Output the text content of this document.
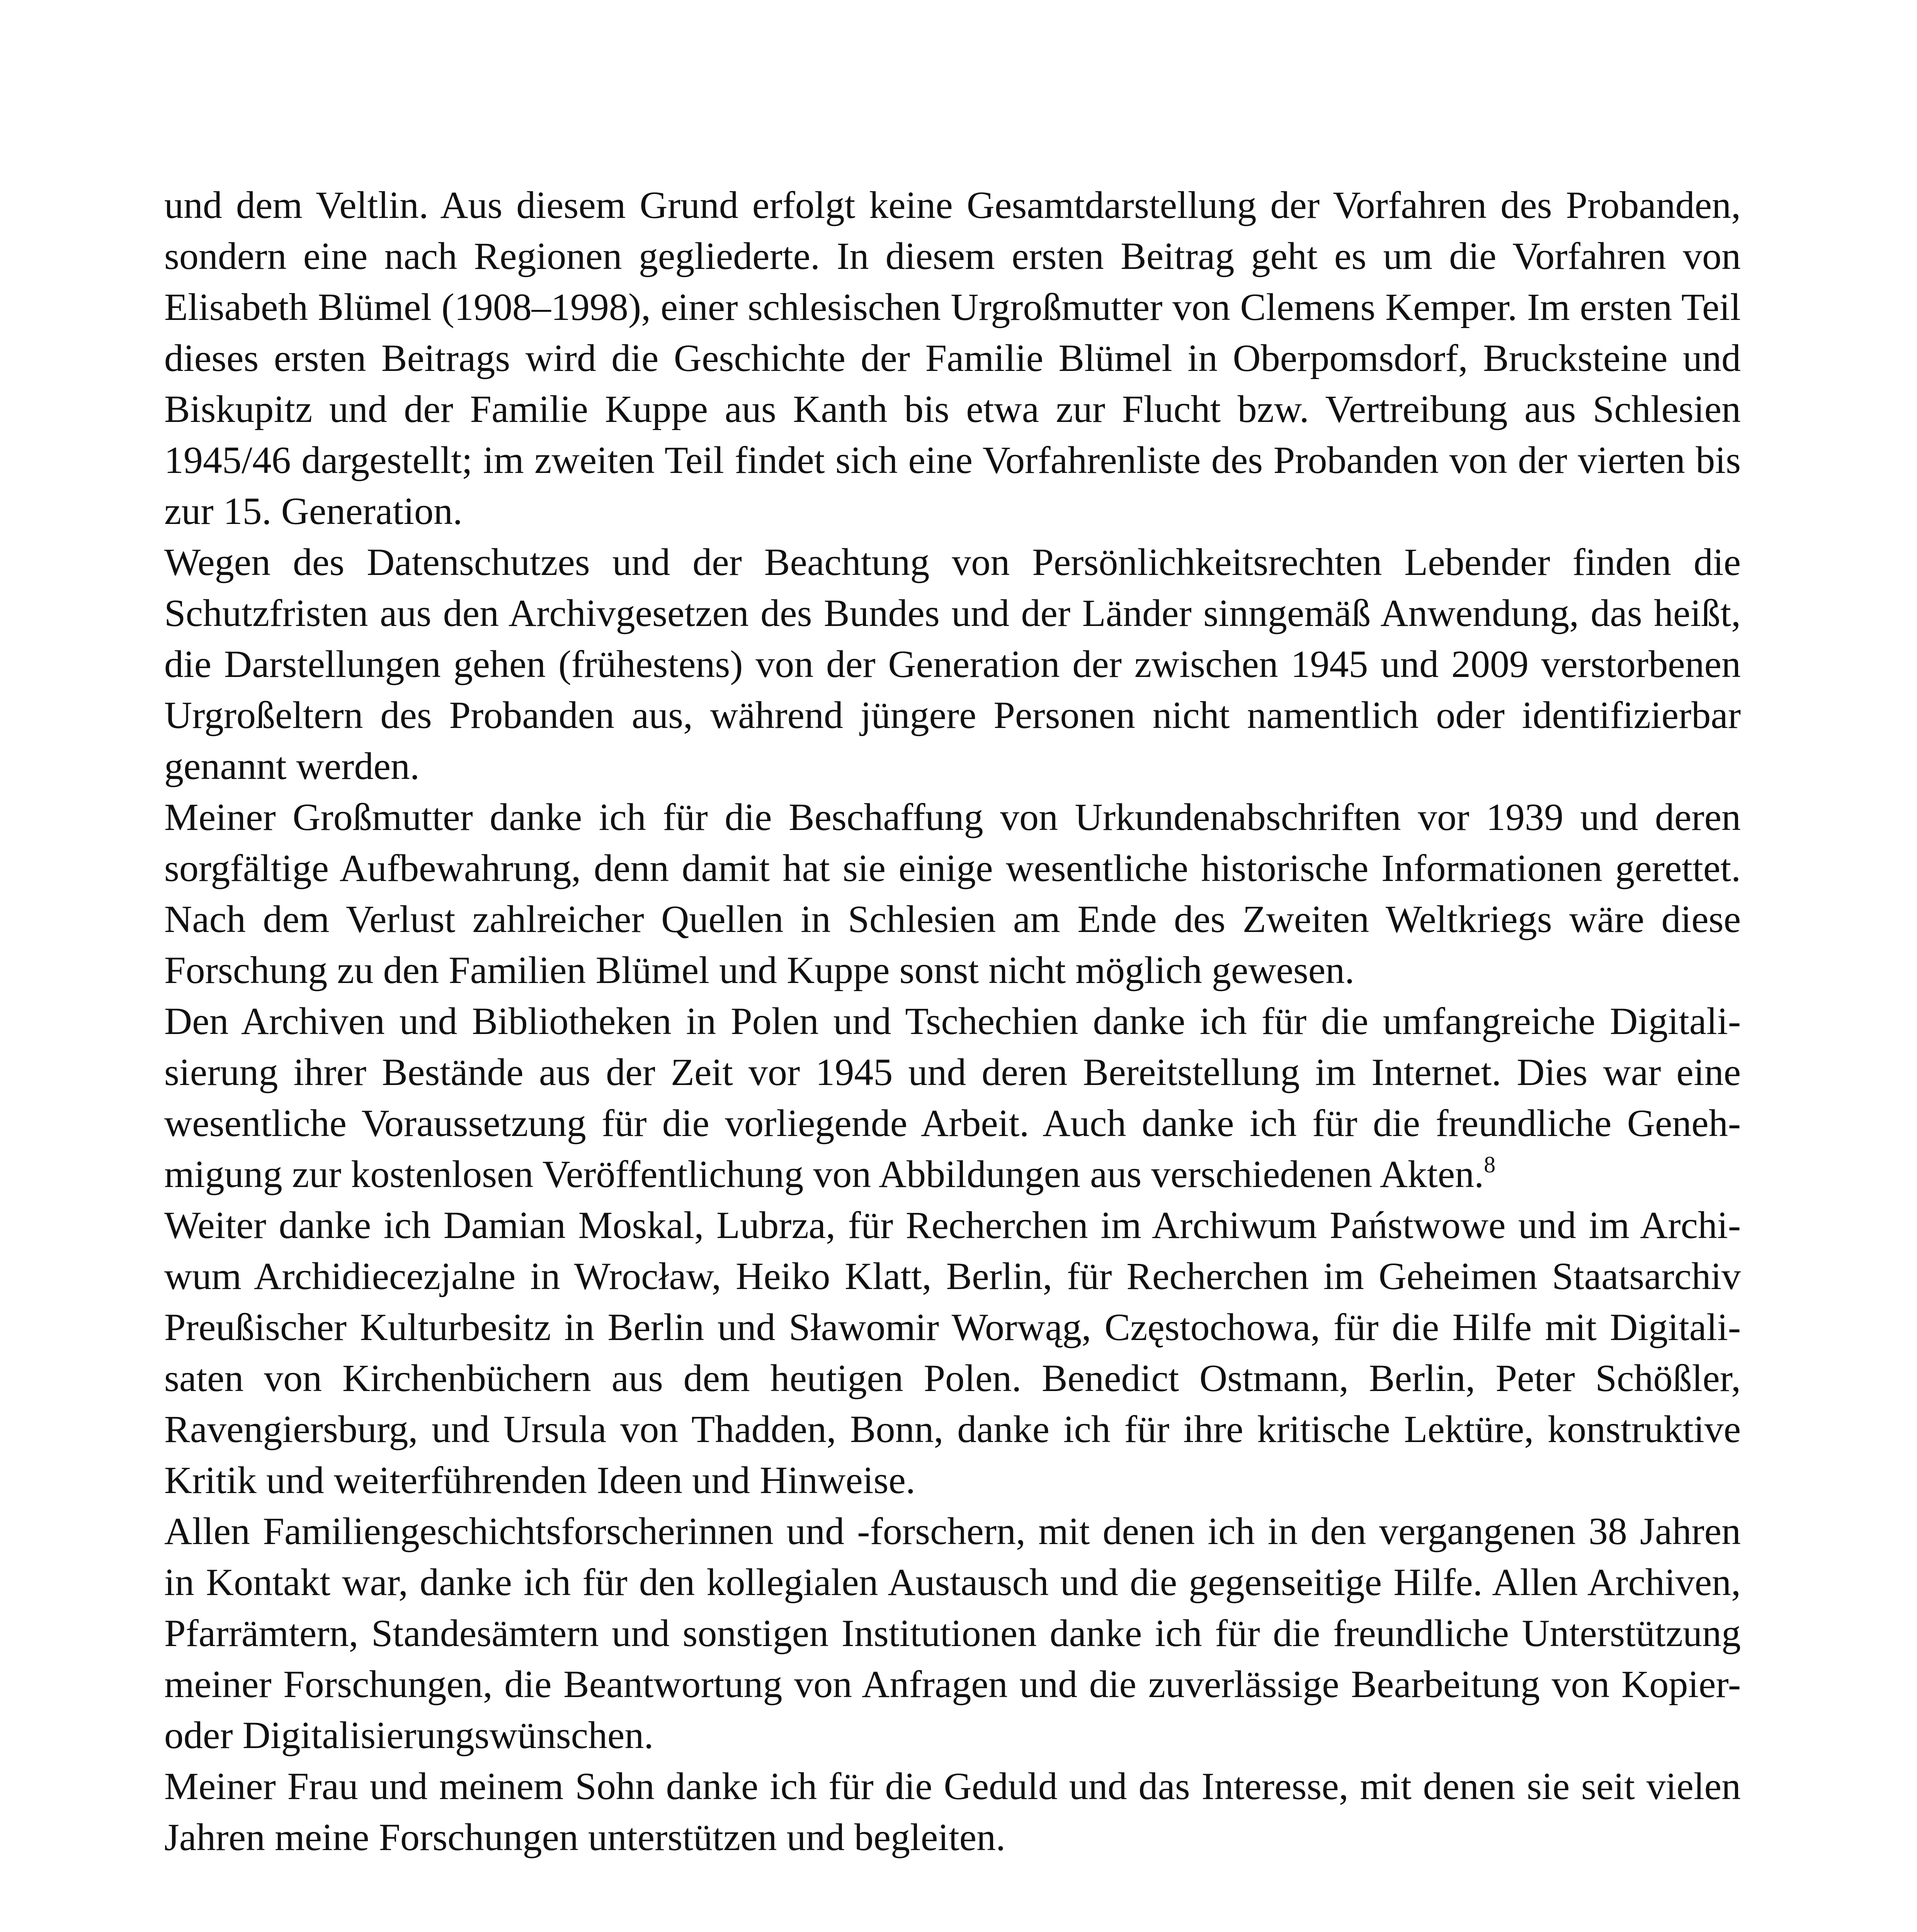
und dem Veltlin. Aus diesem Grund erfolgt keine Gesamtdarstellung der Vorfahren des Probanden, sondern eine nach Regionen gegliederte. In diesem ersten Beitrag geht es um die Vorfahren von Elisabeth Blümel (1908–1998), einer schlesischen Urgroßmutter von Clemens Kemper. Im ersten Teil dieses ersten Beitrags wird die Geschichte der Familie Blümel in Oberpomsdorf, Brucksteine und Biskupitz und der Familie Kuppe aus Kanth bis etwa zur Flucht bzw. Vertreibung aus Schlesien 1945/46 dargestellt; im zweiten Teil findet sich eine Vorfahrenliste des Probanden von der vierten bis zur 15. Generation.

Wegen des Datenschutzes und der Beachtung von Persönlichkeitsrechten Lebender finden die Schutzfristen aus den Archivgesetzen des Bundes und der Länder sinngemäß Anwendung, das heißt, die Darstellungen gehen (frühestens) von der Generation der zwischen 1945 und 2009 verstorbenen Urgroßeltern des Probanden aus, während jüngere Personen nicht namentlich oder identifizierbar genannt werden.

Meiner Großmutter danke ich für die Beschaffung von Urkundenabschriften vor 1939 und deren sorgfältige Aufbewahrung, denn damit hat sie einige wesentliche historische Informationen gerettet. Nach dem Verlust zahlreicher Quellen in Schlesien am Ende des Zweiten Weltkriegs wäre diese Forschung zu den Familien Blümel und Kuppe sonst nicht möglich gewesen.

Den Archiven und Bibliotheken in Polen und Tschechien danke ich für die umfangreiche Digitalisierung ihrer Bestände aus der Zeit vor 1945 und deren Bereitstellung im Internet. Dies war eine wesentliche Voraussetzung für die vorliegende Arbeit. Auch danke ich für die freundliche Genehmigung zur kostenlosen Veröffentlichung von Abbildungen aus verschiedenen Akten.$^8$

Weiter danke ich Damian Moskal, Lubrza, für Recherchen im Archiwum Państwowe und im Archiwum Archidiecezjalne in Wrocław, Heiko Klatt, Berlin, für Recherchen im Geheimen Staatsarchiv Preußischer Kulturbesitz in Berlin und Sławomir Worwąg, Częstochowa, für die Hilfe mit Digitalisaten von Kirchenbüchern aus dem heutigen Polen. Benedict Ostmann, Berlin, Peter Schößler, Ravengiersburg, und Ursula von Thadden, Bonn, danke ich für ihre kritische Lektüre, konstruktive Kritik und weiterführenden Ideen und Hinweise.

Allen Familiengeschichtsforscherinnen und -forschern, mit denen ich in den vergangenen 38 Jahren in Kontakt war, danke ich für den kollegialen Austausch und die gegenseitige Hilfe. Allen Archiven, Pfarrämtern, Standesämtern und sonstigen Institutionen danke ich für die freundliche Unterstützung meiner Forschungen, die Beantwortung von Anfragen und die zuverlässige Bearbeitung von Kopier- oder Digitalisierungswünschen.

Meiner Frau und meinem Sohn danke ich für die Geduld und das Interesse, mit denen sie seit vielen Jahren meine Forschungen unterstützen und begleiten.
